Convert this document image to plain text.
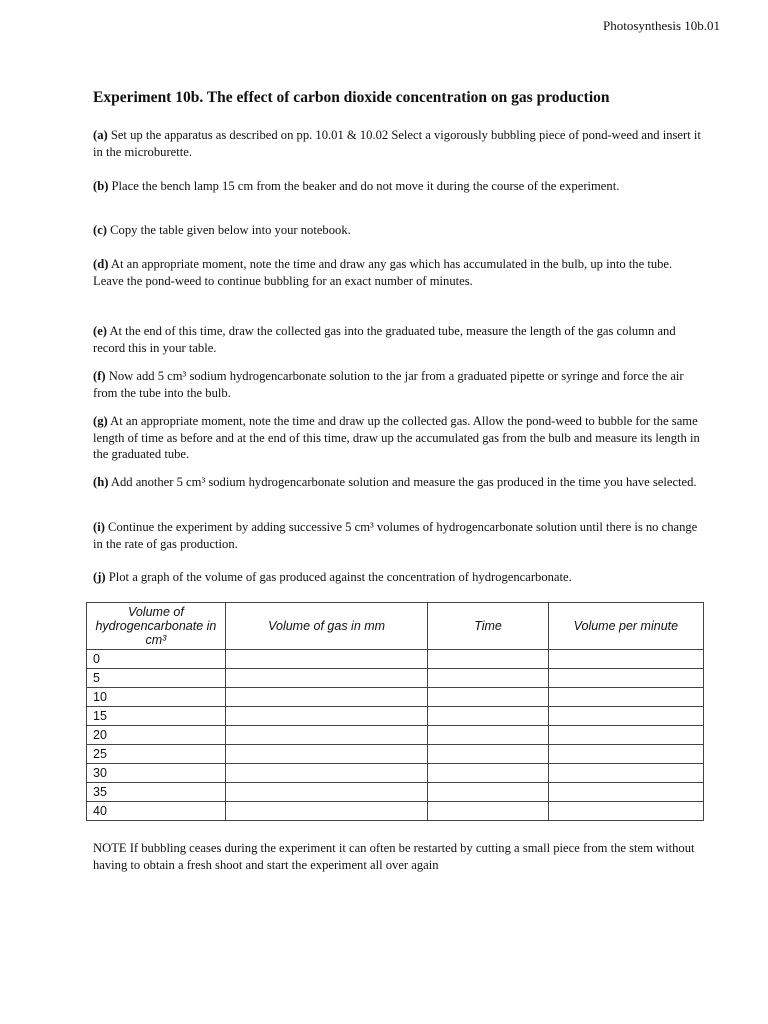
Photosynthesis 10b.01
Experiment 10b. The effect of carbon dioxide concentration on gas production
(a) Set up the apparatus as described on pp. 10.01 & 10.02 Select a vigorously bubbling piece of pond-weed and insert it in the microburette.
(b) Place the bench lamp 15 cm from the beaker and do not move it during the course of the experiment.
(c) Copy the table given below into your notebook.
(d) At an appropriate moment, note the time and draw any gas which has accumulated in the bulb, up into the tube. Leave the pond-weed to continue bubbling for an exact number of minutes.
(e) At the end of this time, draw the collected gas into the graduated tube, measure the length of the gas column and record this in your table.
(f) Now add 5 cm³ sodium hydrogencarbonate solution to the jar from a graduated pipette or syringe and force the air from the tube into the bulb.
(g) At an appropriate moment, note the time and draw up the collected gas. Allow the pond-weed to bubble for the same length of time as before and at the end of this time, draw up the accumulated gas from the bulb and measure its length in the graduated tube.
(h) Add another 5 cm³ sodium hydrogencarbonate solution and measure the gas produced in the time you have selected.
(i) Continue the experiment by adding successive 5 cm³ volumes of hydrogencarbonate solution until there is no change in the rate of gas production.
(j) Plot a graph of the volume of gas produced against the concentration of hydrogencarbonate.
Volume of hydrogencarbonate in cm³	Volume of gas in mm	Time	Volume per minute
0			
5			
10			
15			
20			
25			
30			
35			
40			
NOTE If bubbling ceases during the experiment it can often be restarted by cutting a small piece from the stem without having to obtain a fresh shoot and start the experiment all over again
